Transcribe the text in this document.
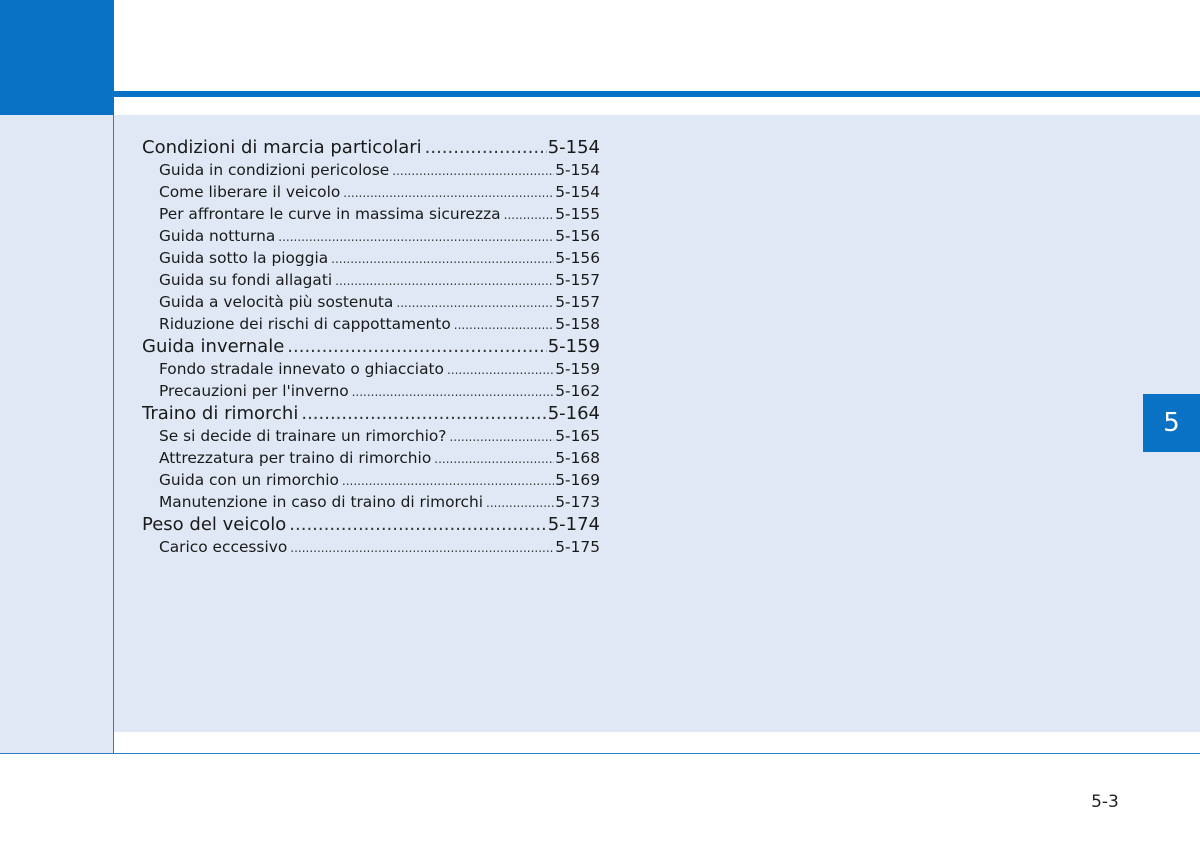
Condizioni di marcia particolari .....	5-154
Guida in condizioni pericolose .....	5-154
Come liberare il veicolo .....	5-154
Per affrontare le curve in massima sicurezza .....	5-155
Guida notturna .....	5-156
Guida sotto la pioggia .....	5-156
Guida su fondi allagati .....	5-157
Guida a velocità più sostenuta .....	5-157
Riduzione dei rischi di cappottamento .....	5-158
Guida invernale .....	5-159
Fondo stradale innevato o ghiacciato .....	5-159
Precauzioni per l'inverno .....	5-162
Traino di rimorchi .....	5-164
Se si decide di trainare un rimorchio? .....	5-165
Attrezzatura per traino di rimorchio .....	5-168
Guida con un rimorchio .....	5-169
Manutenzione in caso di traino di rimorchi .....	5-173
Peso del veicolo .....	5-174
Carico eccessivo .....	5-175
5
5-3
